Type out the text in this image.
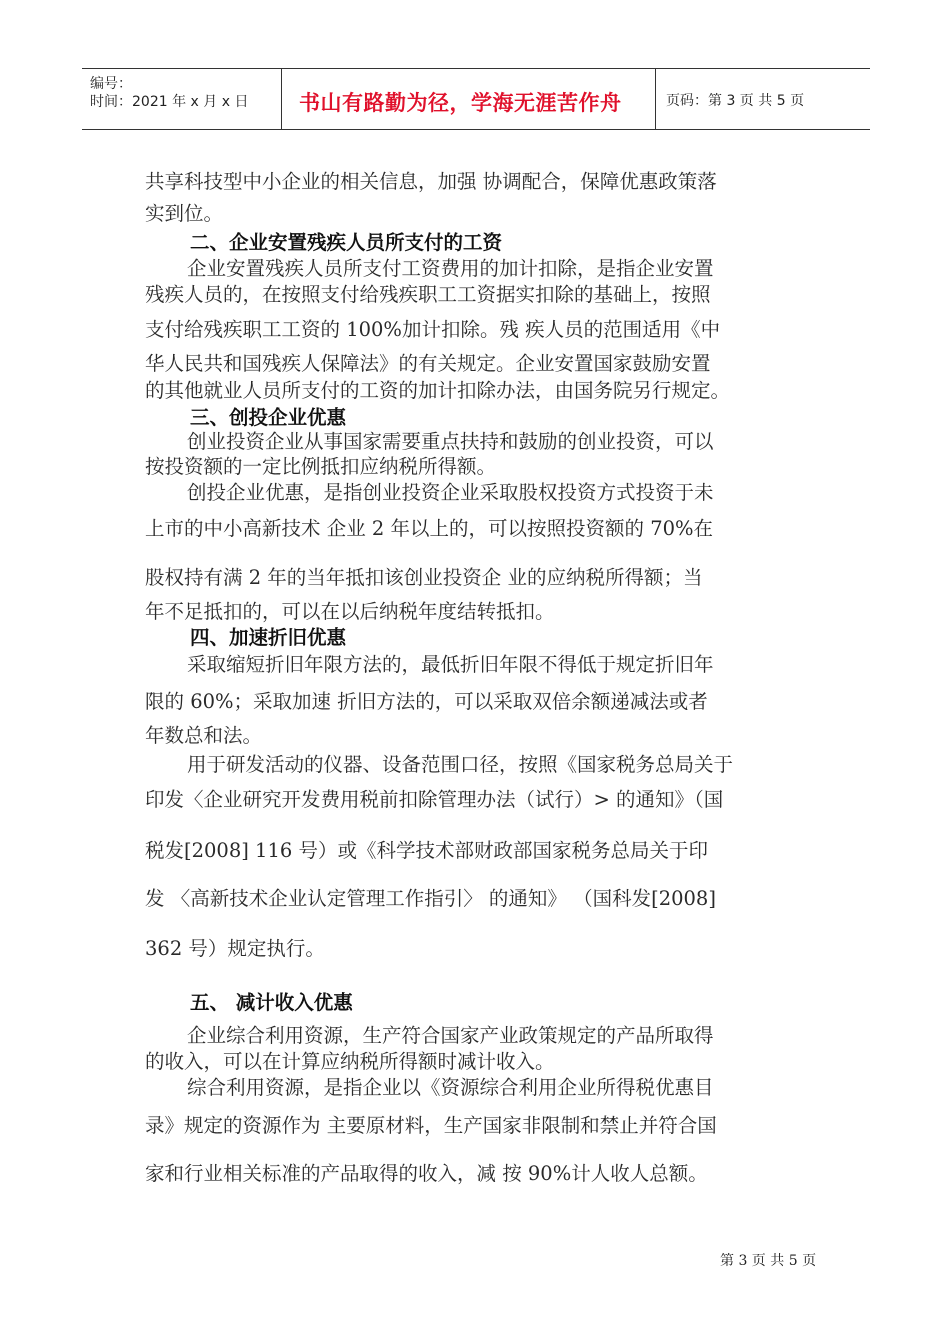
编号：
时间：2021 年 x 月 x 日 书山有路勤为径，学海无涯苦作舟	页码：第 3 页 共 5 页
共享科技型中小企业的相关信息，加强 协调配合，保障优惠政策落
实到位。
二、企业安置残疾人员所支付的工资
企业安置残疾人员所支付工资费用的加计扣除，是指企业安置
残疾人员的，在按照支付给残疾职工工资据实扣除的基础上，按照
支付给残疾职工工资的 100%加计扣除。残 疾人员的范围适用《中
华人民共和国残疾人保障法》的有关规定。企业安置国家鼓励安置
的其他就业人员所支付的工资的加计扣除办法，由国务院另行规定。
三、创投企业优惠
创业投资企业从事国家需要重点扶持和鼓励的创业投资，可以
按投资额的一定比例抵扣应纳税所得额。
创投企业优惠，是指创业投资企业采取股权投资方式投资于未
上市的中小高新技术 企业 2 年以上的，可以按照投资额的 70%在
股权持有满 2 年的当年抵扣该创业投资企 业的应纳税所得额；当
年不足抵扣的，可以在以后纳税年度结转抵扣。
四、加速折旧优惠
采取缩短折旧年限方法的，最低折旧年限不得低于规定折旧年
限的 60%；采取加速 折旧方法的，可以采取双倍余额递减法或者
年数总和法。
用于研发活动的仪器、设备范围口径，按照《国家税务总局关于
印发〈企业研究开发费用税前扣除管理办法（试行）> 的通知》（国
税发[2008] 116 号）或《科学技术部财政部国家税务总局关于印
发 〈高新技术企业认定管理工作指引〉 的通知》 （国科发[2008]
362 号）规定执行。
五、 减计收入优惠
企业综合利用资源，生产符合国家产业政策规定的产品所取得
的收入，可以在计算应纳税所得额时减计收入。
综合利用资源，是指企业以《资源综合利用企业所得税优惠目
录》规定的资源作为 主要原材料，生产国家非限制和禁止并符合国
家和行业相关标准的产品取得的收入，减 按 90%计人收人总额。
第 3 页 共 5 页
